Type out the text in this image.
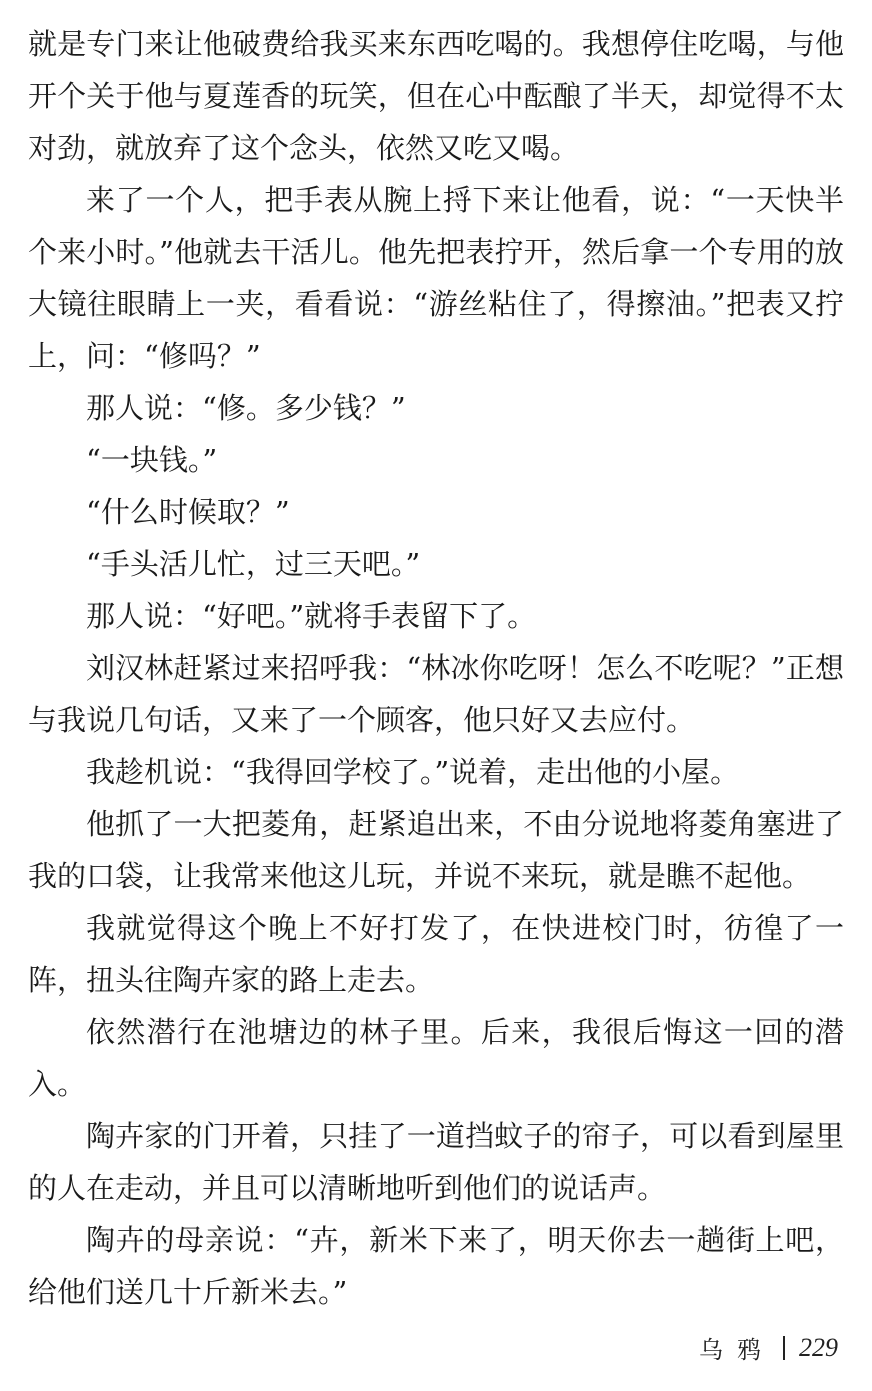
就是专门来让他破费给我买来东西吃喝的。我想停住吃喝，与他开个关于他与夏莲香的玩笑，但在心中酝酿了半天，却觉得不太对劲，就放弃了这个念头，依然又吃又喝。

来了一个人，把手表从腕上捋下来让他看，说：“一天快半个来小时。”他就去干活儿。他先把表拧开，然后拿一个专用的放大镜往眼睛上一夹，看看说：“游丝粘住了，得擦油。”把表又拧上，问：“修吗？”

那人说：“修。多少钱？”

“一块钱。”

“什么时候取？”

“手头活儿忙，过三天吧。”

那人说：“好吧。”就将手表留下了。

刘汉林赶紧过来招呼我：“林冰你吃呀！怎么不吃呢？”正想与我说几句话，又来了一个顾客，他只好又去应付。

我趁机说：“我得回学校了。”说着，走出他的小屋。

他抓了一大把菱角，赶紧追出来，不由分说地将菱角塞进了我的口袋，让我常来他这儿玩，并说不来玩，就是瞧不起他。

我就觉得这个晚上不好打发了，在快进校门时，彷徨了一阵，扭头往陶卉家的路上走去。

依然潜行在池塘边的林子里。后来，我很后悔这一回的潜入。

陶卉家的门开着，只挂了一道挡蚊子的帘子，可以看到屋里的人在走动，并且可以清晰地听到他们的说话声。

陶卉的母亲说：“卉，新米下来了，明天你去一趟街上吧，给他们送几十斤新米去。”

乌鸦 229
